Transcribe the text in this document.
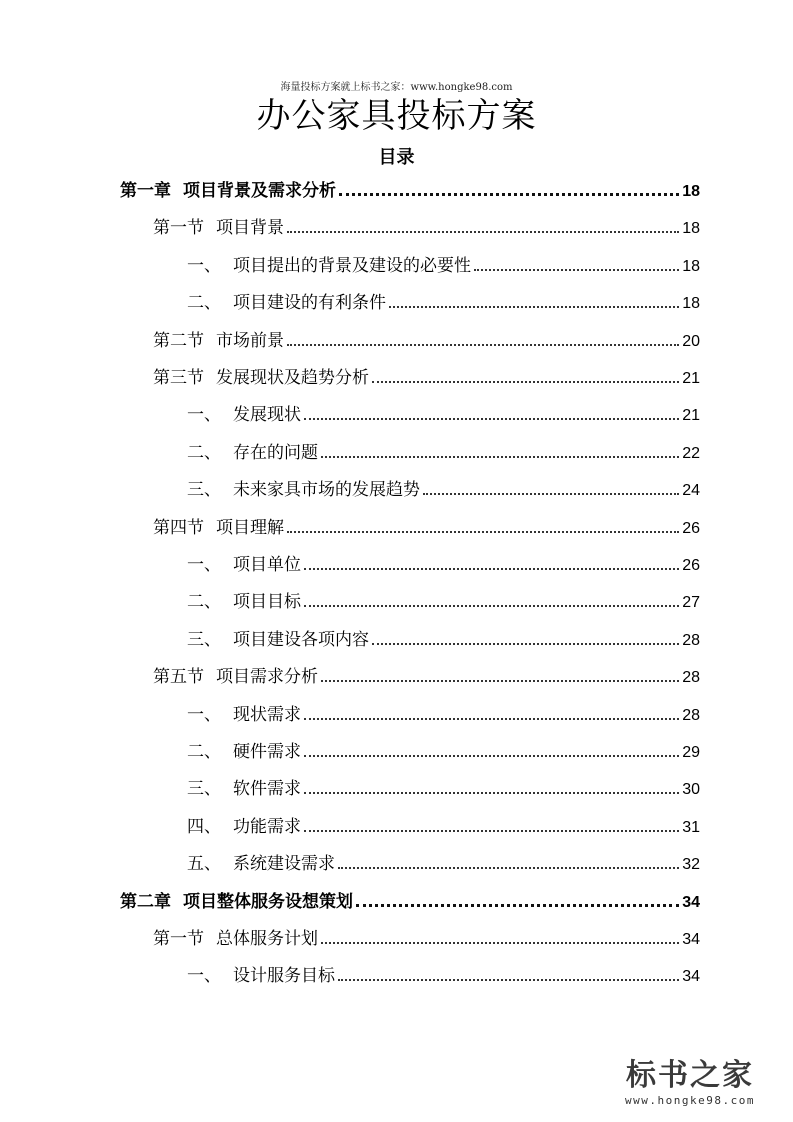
海量投标方案就上标书之家：www.hongke98.com
办公家具投标方案
目录
第一章 项目背景及需求分析	18
第一节 项目背景	18
一、 项目提出的背景及建设的必要性	18
二、 项目建设的有利条件	18
第二节 市场前景	20
第三节 发展现状及趋势分析	21
一、 发展现状	21
二、 存在的问题	22
三、 未来家具市场的发展趋势	24
第四节 项目理解	26
一、 项目单位	26
二、 项目目标	27
三、 项目建设各项内容	28
第五节 项目需求分析	28
一、 现状需求	28
二、 硬件需求	29
三、 软件需求	30
四、 功能需求	31
五、 系统建设需求	32
第二章 项目整体服务设想策划	34
第一节 总体服务计划	34
一、 设计服务目标	34
标书之家
www.hongke98.com
